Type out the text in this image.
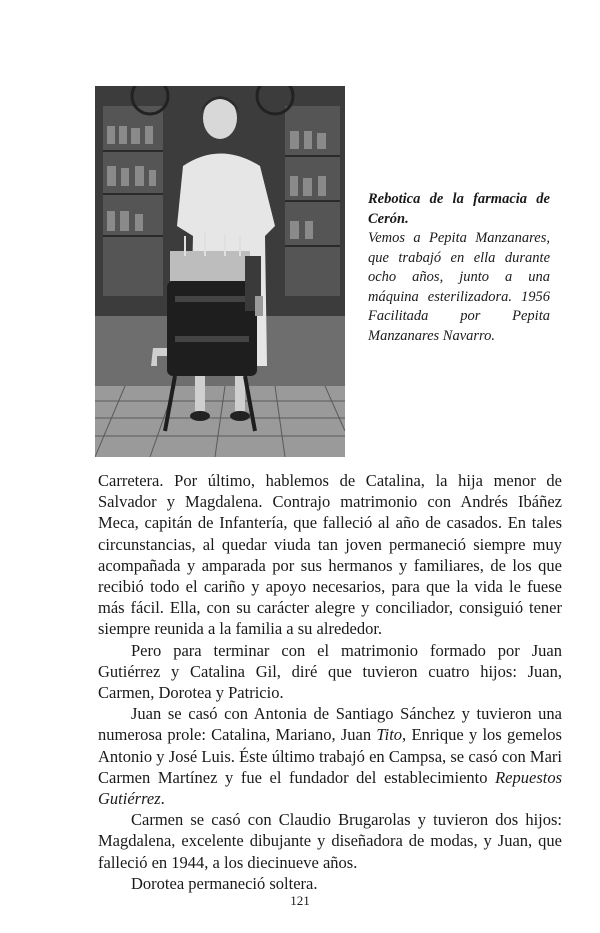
Rebotica de la farmacia de Cerón.
Vemos a Pepita Manzanares, que trabajó en ella durante ocho años, junto a una máquina esterilizadora. 1956 Facilitada por Pepita Manzanares Navarro.

Carretera. Por último, hablemos de Catalina, la hija menor de Salvador y Magdalena. Contrajo matrimonio con Andrés Ibáñez Meca, capitán de Infantería, que falleció al año de casados. En tales circunstancias, al quedar viuda tan joven permaneció siempre muy acompañada y amparada por sus hermanos y familiares, de los que recibió todo el cariño y apoyo necesarios, para que la vida le fuese más fácil. Ella, con su carácter alegre y conciliador, consiguió tener siempre reunida a la familia a su alrededor.

Pero para terminar con el matrimonio formado por Juan Gutiérrez y Catalina Gil, diré que tuvieron cuatro hijos: Juan, Carmen, Dorotea y Patricio.

Juan se casó con Antonia de Santiago Sánchez y tuvieron una numerosa prole: Catalina, Mariano, Juan Tito, Enrique y los gemelos Antonio y José Luis. Éste último trabajó en Campsa, se casó con Mari Carmen Martínez y fue el fundador del establecimiento Repuestos Gutiérrez.

Carmen se casó con Claudio Brugarolas y tuvieron dos hijos: Magdalena, excelente dibujante y diseñadora de modas, y Juan, que falleció en 1944, a los diecinueve años.

Dorotea permaneció soltera.

121
